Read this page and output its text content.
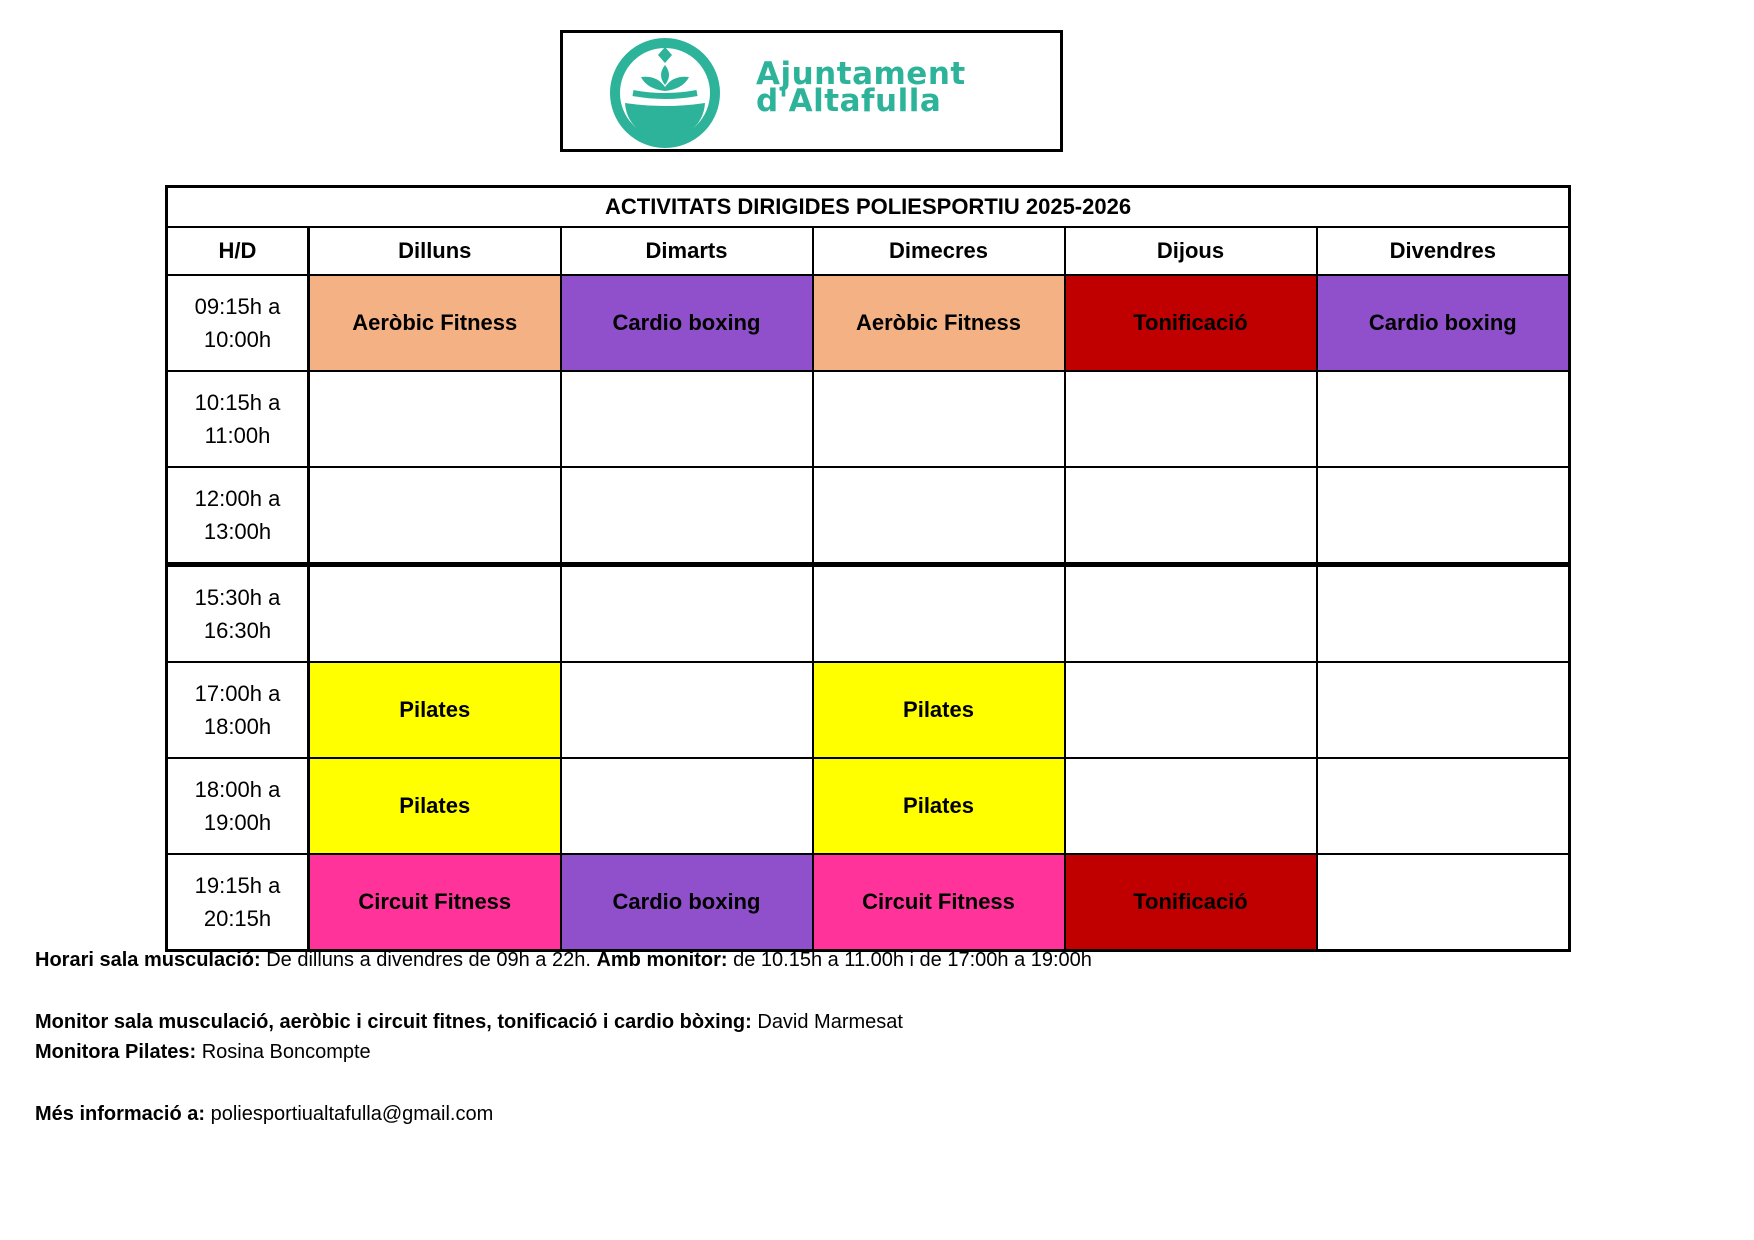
Ajuntament
d'Altafulla
ACTIVITATS DIRIGIDES POLIESPORTIU 2025-2026					
H/D	Dilluns	Dimarts	Dimecres	Dijous	Divendres

09:15h a
10:00h	Aeròbic Fitness	Cardio boxing	Aeròbic Fitness	Tonificació	Cardio boxing

10:15h a
11:00h					

12:00h a
13:00h					

15:30h a
16:30h					

17:00h a
18:00h	Pilates		Pilates		

18:00h a
19:00h	Pilates		Pilates		

19:15h a
20:15h	Circuit Fitness	Cardio boxing	Circuit Fitness	Tonificació	

Horari sala musculació: De dilluns a divendres de 09h a 22h. Amb monitor: de 10.15h a 11.00h i de 17:00h a 19:00h

Monitor sala musculació, aeròbic i circuit fitnes, tonificació i cardio bòxing: David Marmesat

Monitora Pilates: Rosina Boncompte

Més informació a: poliesportiualtafulla@gmail.com
